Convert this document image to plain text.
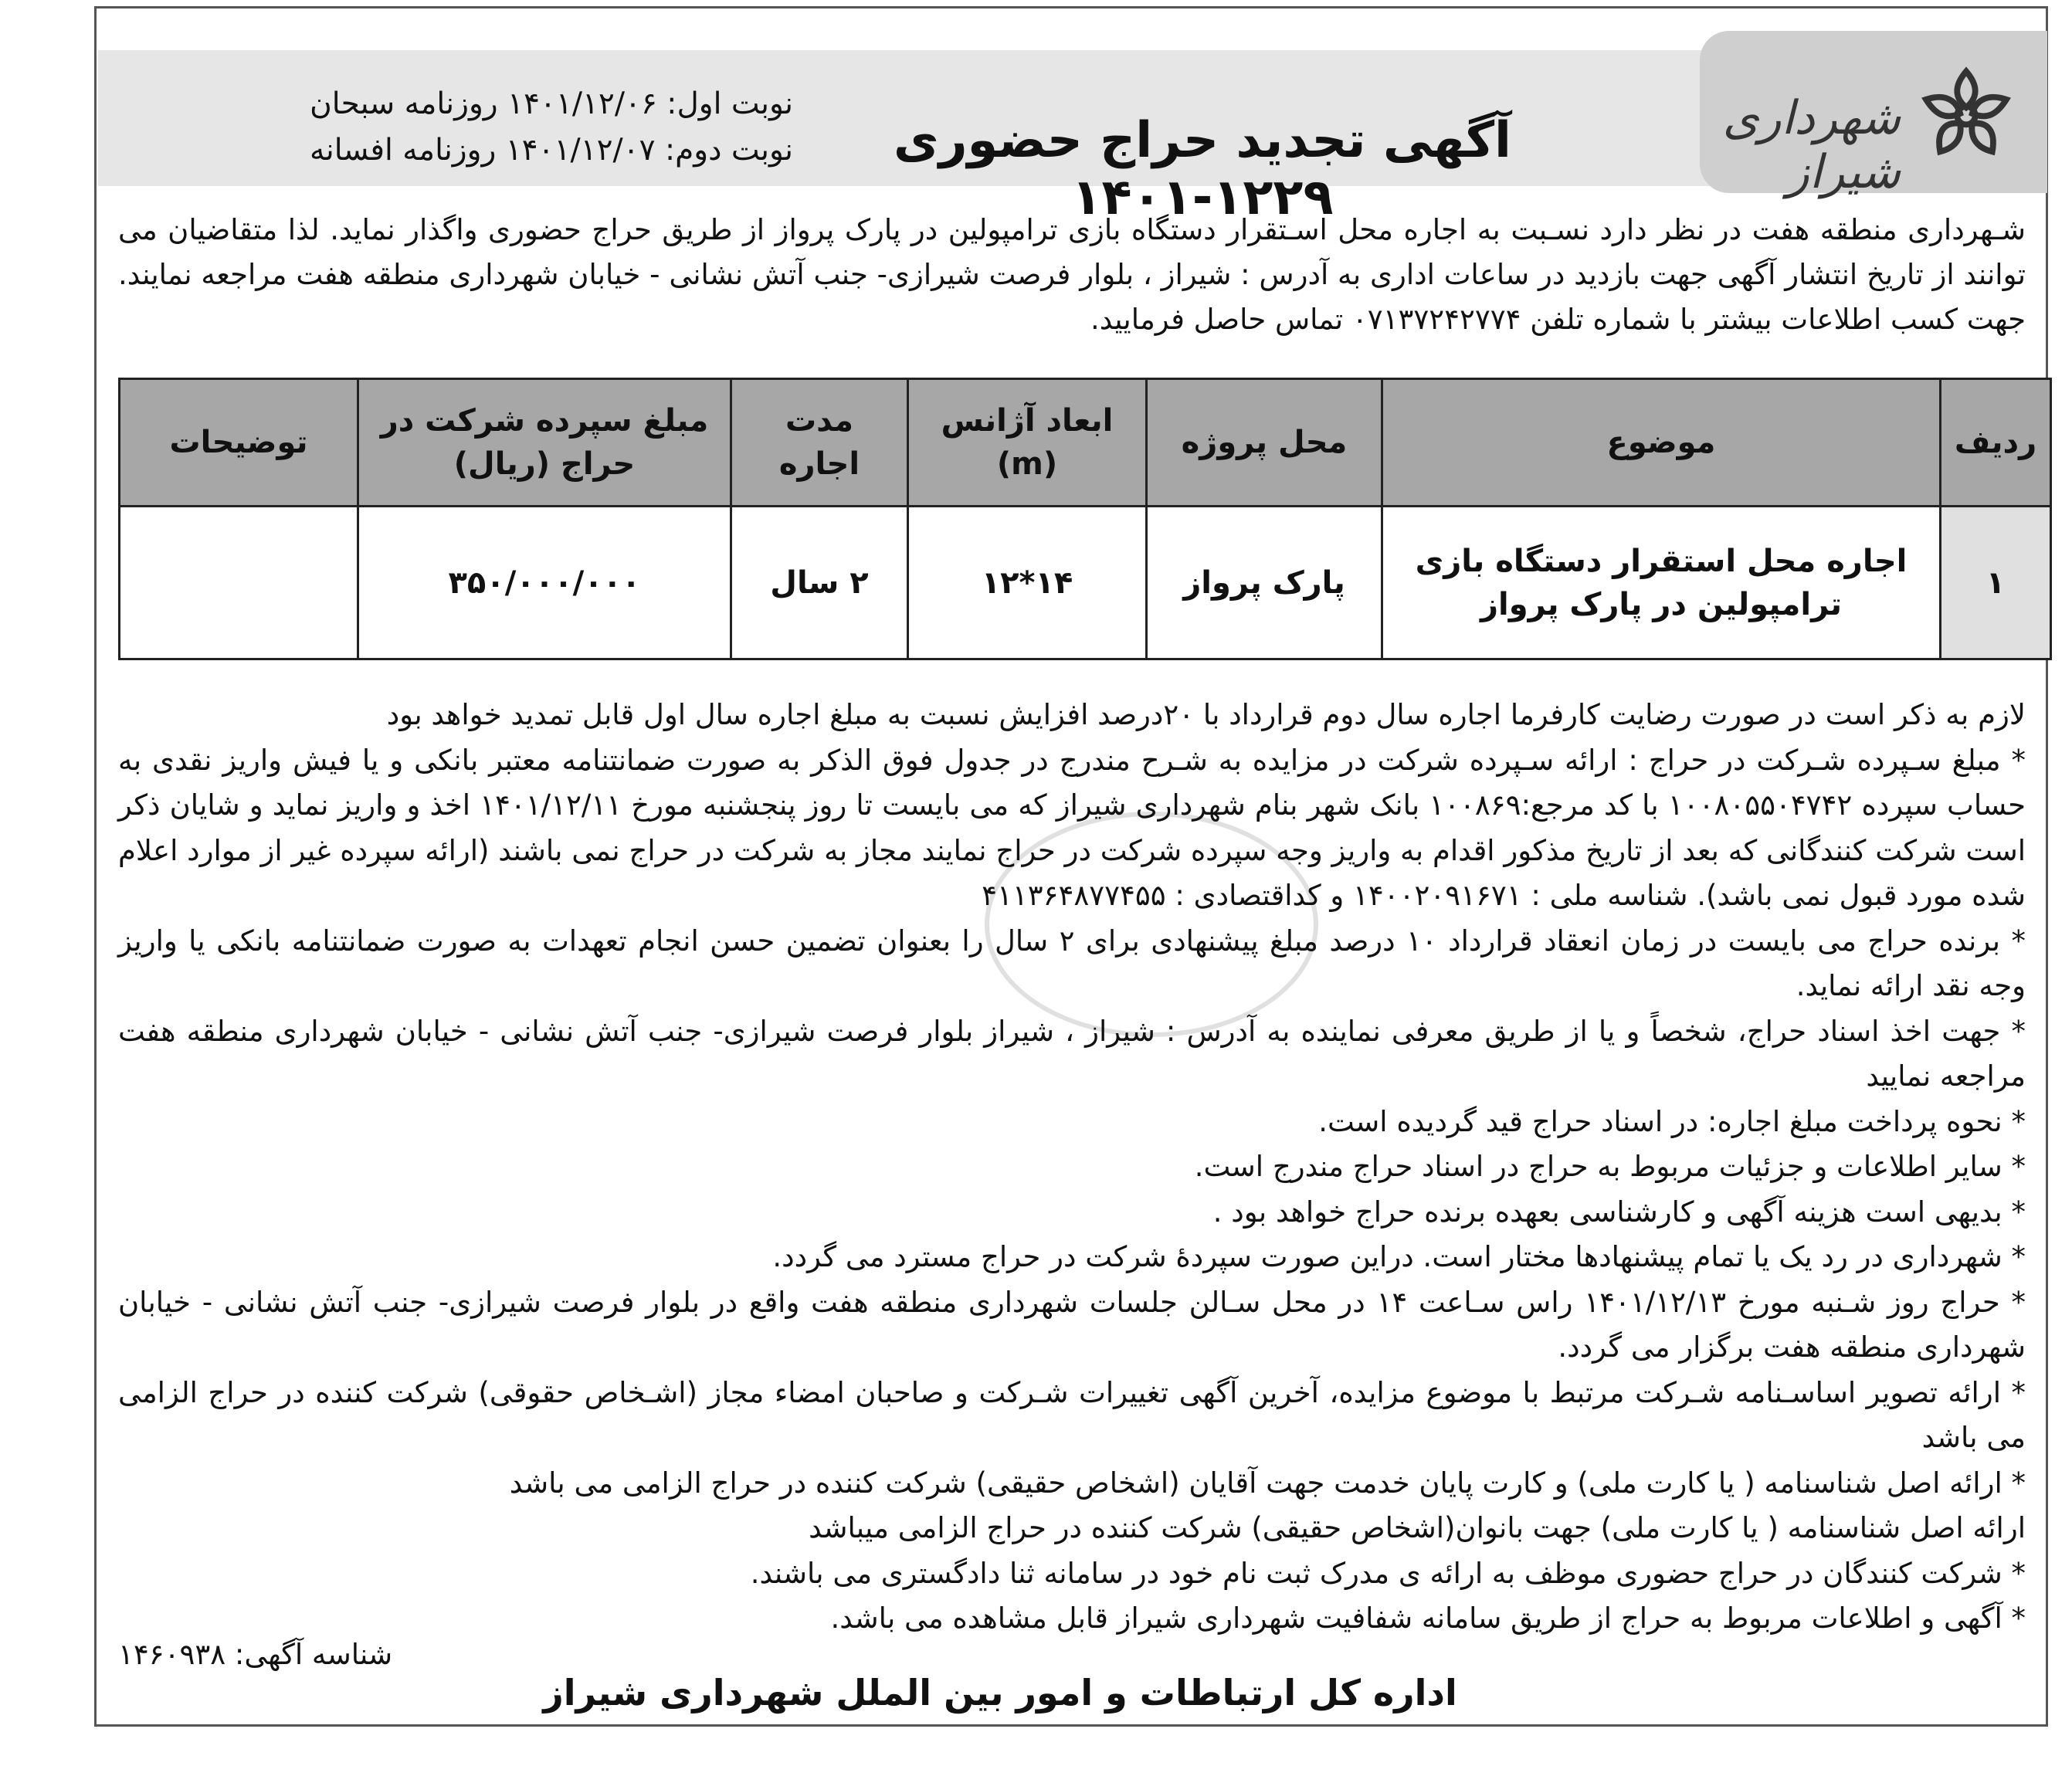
شهرداری شیراز
آگهی تجدید حراج حضوری ۱۲۲۹-۱۴۰۱
نوبت اول: ۱۴۰۱/۱۲/۰۶ روزنامه سبحان
نوبت دوم: ۱۴۰۱/۱۲/۰۷ روزنامه افسانه
شـهرداری منطقه هفت در نظر دارد نسـبت به اجاره محل اسـتقرار دستگاه بازی ترامپولین در پارک پرواز از طریق حراج حضوری واگذار نماید. لذا متقاضیان می توانند از تاریخ انتشار آگهی جهت بازدید در ساعات اداری به آدرس : شیراز ، بلوار فرصت شیرازی- جنب آتش نشانی - خیابان شهرداری منطقه هفت مراجعه نمایند. جهت کسب اطلاعات بیشتر با شماره تلفن ۰۷۱۳۷۲۴۲۷۷۴ تماس حاصل فرمایید.
ردیف	موضوع	محل پروژه	ابعاد آژانس (m)	مدت اجاره	مبلغ سپرده شرکت در حراج (ریال)	توضیحات
۱	اجاره محل استقرار دستگاه بازی ترامپولین در پارک پرواز	پارک پرواز	۱۴*۱۲	۲ سال	۳۵۰/۰۰۰/۰۰۰	

لازم به ذکر است در صورت رضایت کارفرما اجاره سال دوم قرارداد با ۲۰درصد افزایش نسبت به مبلغ اجاره سال اول قابل تمدید خواهد بود

* مبلغ سـپرده شـرکت در حراج : ارائه سـپرده شرکت در مزایده به شـرح مندرج در جدول فوق الذکر به صورت ضمانتنامه معتبر بانکی و یا فیش واریز نقدی به حساب سپرده ۱۰۰۸۰۵۵۰۴۷۴۲ با کد مرجع:۱۰۰۸۶۹ بانک شهر بنام شهرداری شیراز که می بایست تا روز پنجشنبه مورخ ۱۴۰۱/۱۲/۱۱ اخذ و واریز نماید و شایان ذکر است شرکت کنندگانی که بعد از تاریخ مذکور اقدام به واریز وجه سپرده شرکت در حراج نمایند مجاز به شرکت در حراج نمی باشند (ارائه سپرده غیر از موارد اعلام شده مورد قبول نمی باشد). شناسه ملی : ۱۴۰۰۲۰۹۱۶۷۱ و کداقتصادی : ۴۱۱۳۶۴۸۷۷۴۵۵

* برنده حراج می بایست در زمان انعقاد قرارداد ۱۰ درصد مبلغ پیشنهادی برای ۲ سال را بعنوان تضمین حسن انجام تعهدات به صورت ضمانتنامه بانکی یا واریز وجه نقد ارائه نماید.

* جهت اخذ اسناد حراج، شخصاً و یا از طریق معرفی نماینده به آدرس : شیراز ، شیراز بلوار فرصت شیرازی- جنب آتش نشانی - خیابان شهرداری منطقه هفت مراجعه نمایید

* نحوه پرداخت مبلغ اجاره: در اسناد حراج قید گردیده است.

* سایر اطلاعات و جزئیات مربوط به حراج در اسناد حراج مندرج است.

* بدیهی است هزینه آگهی و کارشناسی بعهده برنده حراج خواهد بود .

* شهرداری در رد یک یا تمام پیشنهادها مختار است. دراین صورت سپردهٔ شرکت در حراج مسترد می گردد.

* حراج روز شـنبه مورخ ۱۴۰۱/۱۲/۱۳ راس سـاعت ۱۴ در محل سـالن جلسات شهرداری منطقه هفت واقع در بلوار فرصت شیرازی- جنب آتش نشانی - خیابان شهرداری منطقه هفت برگزار می گردد.

* ارائه تصویر اساسـنامه شـرکت مرتبط با موضوع مزایده، آخرین آگهی تغییرات شـرکت و صاحبان امضاء مجاز (اشـخاص حقوقی) شرکت کننده در حراج الزامی می باشد

* ارائه اصل شناسنامه ( یا کارت ملی) و کارت پایان خدمت جهت آقایان (اشخاص حقیقی) شرکت کننده در حراج الزامی می باشد

ارائه اصل شناسنامه ( یا کارت ملی) جهت بانوان(اشخاص حقیقی) شرکت کننده در حراج الزامی میباشد

* شرکت کنندگان در حراج حضوری موظف به ارائه ی مدرک ثبت نام خود در سامانه ثنا دادگستری می باشند.

* آگهی و اطلاعات مربوط به حراج از طریق سامانه شفافیت شهرداری شیراز قابل مشاهده می باشد.

شناسه آگهی: ۱۴۶۰۹۳۸
اداره کل ارتباطات و امور بین الملل شهرداری شیراز
